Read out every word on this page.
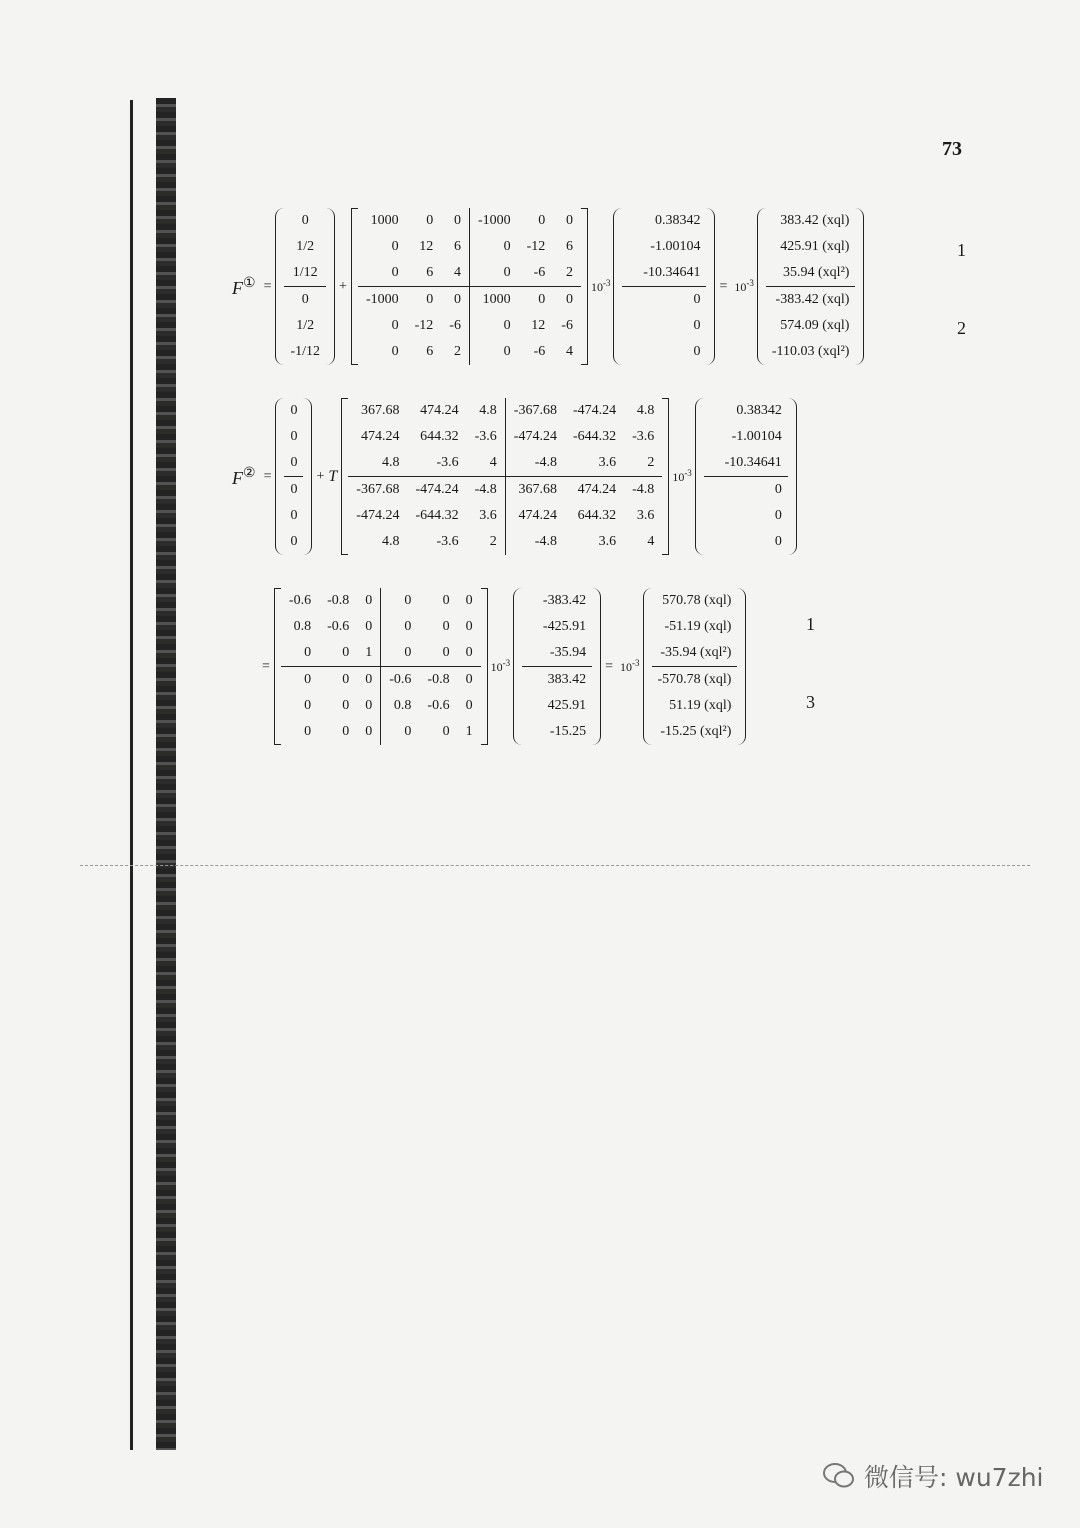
73
F① =
0
1/2
1/12
0
1/2
-1/12
+
1000	0	0	-1000	0	0
0	12	6	0	-12	6
0	6	4	0	-6	2
-1000	0	0	1000	0	0
0	-12	-6	0	12	-6
0	6	2	0	-6	4
$10^{-3}$
0.38342
-1.00104
-10.34641
0
0
0
= $10^{-3}$
383.42 (xql)
425.91 (xql)
35.94 (xql²)
-383.42 (xql)
574.09 (xql)
-110.03 (xql²)
1
2
F② =
0
0
0
0
0
0
+ T
367.68	474.24	4.8	-367.68	-474.24	4.8
474.24	644.32	-3.6	-474.24	-644.32	-3.6
4.8	-3.6	4	-4.8	3.6	2
-367.68	-474.24	-4.8	367.68	474.24	-4.8
-474.24	-644.32	3.6	474.24	644.32	3.6
4.8	-3.6	2	-4.8	3.6	4
$10^{-3}$
0.38342
-1.00104
-10.34641
0
0
0
=
-0.6	-0.8	0	0	0	0
0.8	-0.6	0	0	0	0
0	0	1	0	0	0
0	0	0	-0.6	-0.8	0
0	0	0	0.8	-0.6	0
0	0	0	0	0	1
$10^{-3}$
-383.42
-425.91
-35.94
383.42
425.91
-15.25
= $10^{-3}$
570.78 (xql)
-51.19 (xql)
-35.94 (xql²)
-570.78 (xql)
51.19 (xql)
-15.25 (xql²)
1
3
微信号: wu7zhi
